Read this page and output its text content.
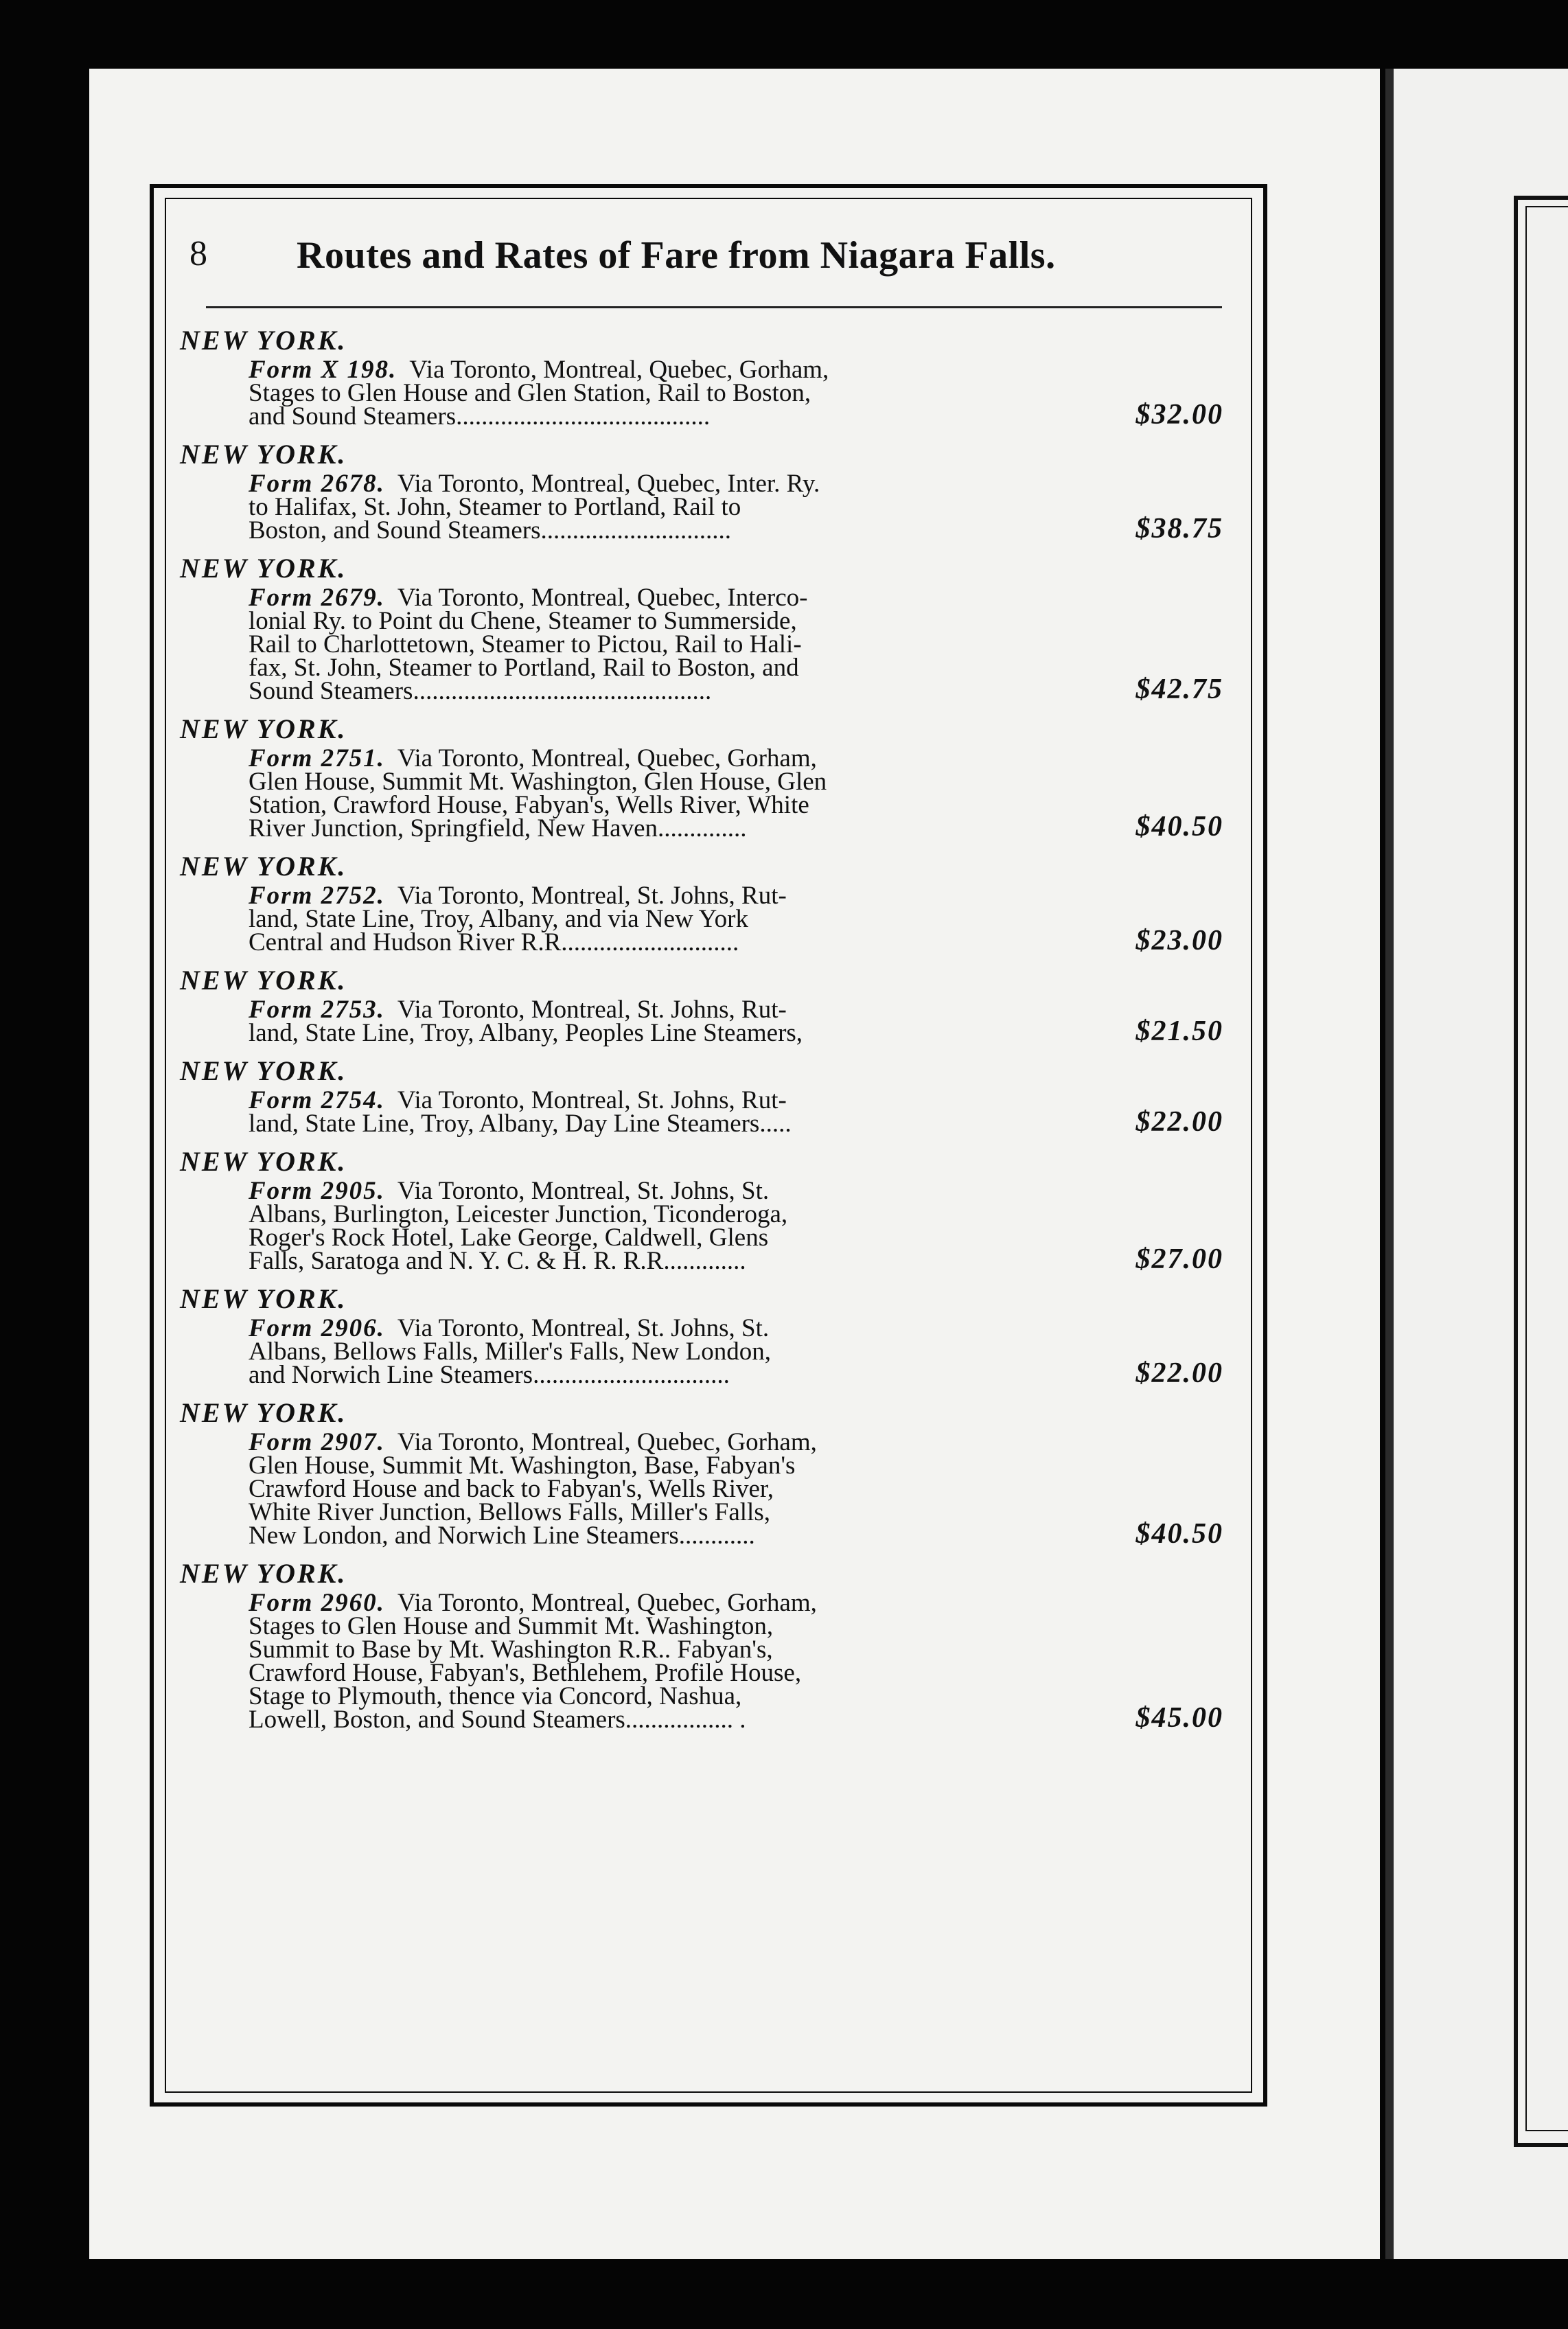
8 Routes and Rates of Fare from Niagara Falls.
NEW YORK.
Form X 198. Via Toronto, Montreal, Quebec, Gorham,
Stages to Glen House and Glen Station, Rail to Boston,
and Sound Steamers........................................	$32.00
NEW YORK.
Form 2678. Via Toronto, Montreal, Quebec, Inter. Ry.
to Halifax, St. John, Steamer to Portland, Rail to
Boston, and Sound Steamers..............................	$38.75
NEW YORK.
Form 2679. Via Toronto, Montreal, Quebec, Interco-
lonial Ry. to Point du Chene, Steamer to Summerside,
Rail to Charlottetown, Steamer to Pictou, Rail to Hali-
fax, St. John, Steamer to Portland, Rail to Boston, and
Sound Steamers...............................................	$42.75
NEW YORK.
Form 2751. Via Toronto, Montreal, Quebec, Gorham,
Glen House, Summit Mt. Washington, Glen House, Glen
Station, Crawford House, Fabyan's, Wells River, White
River Junction, Springfield, New Haven..............	$40.50
NEW YORK.
Form 2752. Via Toronto, Montreal, St. Johns, Rut-
land, State Line, Troy, Albany, and via New York
Central and Hudson River R.R............................	$23.00
NEW YORK.
Form 2753. Via Toronto, Montreal, St. Johns, Rut-
land, State Line, Troy, Albany, Peoples Line Steamers,	$21.50
NEW YORK.
Form 2754. Via Toronto, Montreal, St. Johns, Rut-
land, State Line, Troy, Albany, Day Line Steamers.....	$22.00
NEW YORK.
Form 2905. Via Toronto, Montreal, St. Johns, St.
Albans, Burlington, Leicester Junction, Ticonderoga,
Roger's Rock Hotel, Lake George, Caldwell, Glens
Falls, Saratoga and N. Y. C. & H. R. R.R.............	$27.00
NEW YORK.
Form 2906. Via Toronto, Montreal, St. Johns, St.
Albans, Bellows Falls, Miller's Falls, New London,
and Norwich Line Steamers...............................	$22.00
NEW YORK.
Form 2907. Via Toronto, Montreal, Quebec, Gorham,
Glen House, Summit Mt. Washington, Base, Fabyan's
Crawford House and back to Fabyan's, Wells River,
White River Junction, Bellows Falls, Miller's Falls,
New London, and Norwich Line Steamers............	$40.50
NEW YORK.
Form 2960. Via Toronto, Montreal, Quebec, Gorham,
Stages to Glen House and Summit Mt. Washington,
Summit to Base by Mt. Washington R.R.. Fabyan's,
Crawford House, Fabyan's, Bethlehem, Profile House,
Stage to Plymouth, thence via Concord, Nashua,
Lowell, Boston, and Sound Steamers................. .	$45.00
